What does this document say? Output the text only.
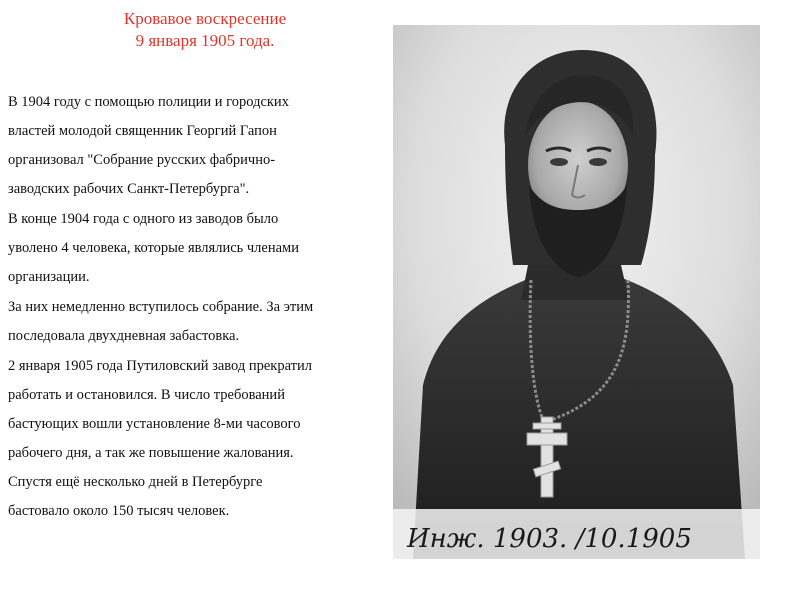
Кровавое воскресение
9 января 1905 года.
В 1904 году с помощью полиции и городских
властей молодой священник Георгий Гапон
организовал "Собрание русских фабрично-
заводских рабочих Санкт-Петербурга".
В конце 1904 года с одного из заводов было
уволено 4 человека, которые являлись членами
организации.
За них немедленно вступилось собрание. За этим
последовала двухдневная забастовка.
2 января 1905 года Путиловский завод прекратил
работать и остановился. В число требований
бастующих вошли установление 8-ми часового
рабочего дня, а так же повышение жалования.
Спустя ещё несколько дней в Петербурге
бастовало около 150 тысяч человек.
Инж. 1903. /10.1905
